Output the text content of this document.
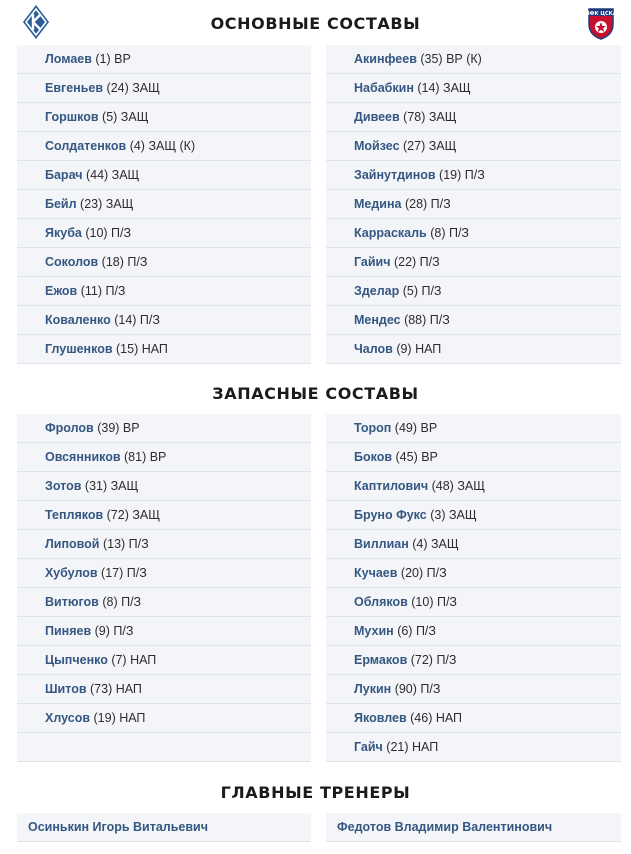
ПФК ЦСКА
ОСНОВНЫЕ СОСТАВЫ
Ломаев (1) ВР
Евгеньев (24) ЗАЩ
Горшков (5) ЗАЩ
Солдатенков (4) ЗАЩ (К)
Барач (44) ЗАЩ
Бейл (23) ЗАЩ
Якуба (10) П/З
Соколов (18) П/З
Ежов (11) П/З
Коваленко (14) П/З
Глушенков (15) НАП
Акинфеев (35) ВР (К)
Набабкин (14) ЗАЩ
Дивеев (78) ЗАЩ
Мойзес (27) ЗАЩ
Зайнутдинов (19) П/З
Медина (28) П/З
Карраскаль (8) П/З
Гайич (22) П/З
Зделар (5) П/З
Мендес (88) П/З
Чалов (9) НАП
ЗАПАСНЫЕ СОСТАВЫ
Фролов (39) ВР
Овсянников (81) ВР
Зотов (31) ЗАЩ
Тепляков (72) ЗАЩ
Липовой (13) П/З
Хубулов (17) П/З
Витюгов (8) П/З
Пиняев (9) П/З
Цыпченко (7) НАП
Шитов (73) НАП
Хлусов (19) НАП
Тороп (49) ВР
Боков (45) ВР
Каптилович (48) ЗАЩ
Бруно Фукс (3) ЗАЩ
Виллиан (4) ЗАЩ
Кучаев (20) П/З
Обляков (10) П/З
Мухин (6) П/З
Ермаков (72) П/З
Лукин (90) П/З
Яковлев (46) НАП
Гайч (21) НАП
ГЛАВНЫЕ ТРЕНЕРЫ
Осинькин Игорь Витальевич	Федотов Владимир Валентинович
